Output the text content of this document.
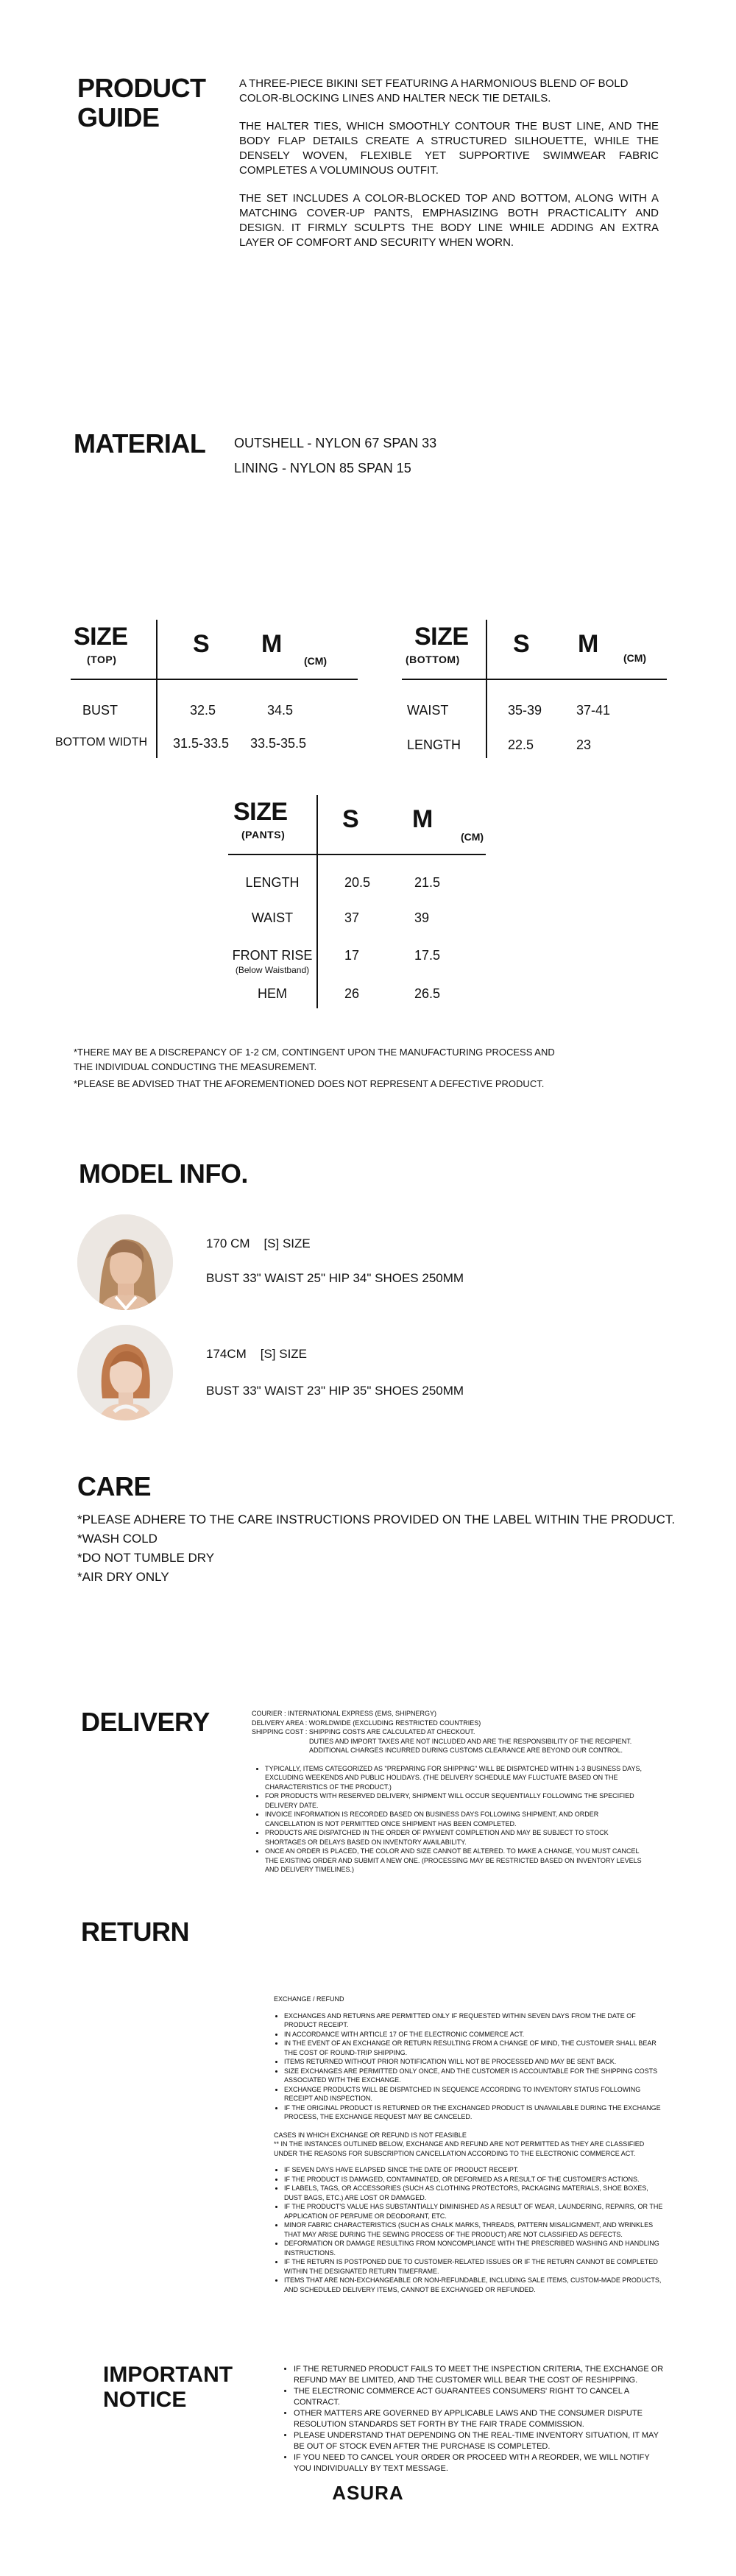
PRODUCT
GUIDE

A THREE-PIECE BIKINI SET FEATURING A HARMONIOUS BLEND OF BOLD COLOR-BLOCKING LINES AND HALTER NECK TIE DETAILS.

THE HALTER TIES, WHICH SMOOTHLY CONTOUR THE BUST LINE, AND THE BODY FLAP DETAILS CREATE A STRUCTURED SILHOUETTE, WHILE THE DENSELY WOVEN, FLEXIBLE YET SUPPORTIVE SWIMWEAR FABRIC COMPLETES A VOLUMINOUS OUTFIT.

THE SET INCLUDES A COLOR-BLOCKED TOP AND BOTTOM, ALONG WITH A MATCHING COVER-UP PANTS, EMPHASIZING BOTH PRACTICALITY AND DESIGN. IT FIRMLY SCULPTS THE BODY LINE WHILE ADDING AN EXTRA LAYER OF COMFORT AND SECURITY WHEN WORN.

MATERIAL OUTSHELL - NYLON 67 SPAN 33
LINING - NYLON 85 SPAN 15
SIZE
(TOP)
S M
(CM)
BUST	32.5	34.5
BOTTOM WIDTH 31.5-33.5 33.5-35.5
SIZE
(BOTTOM)
S M (CM)
WAIST	35-39	37-41
LENGTH	22.5	23
SIZE
(PANTS)
S M
(CM)
LENGTH	20.5	21.5
WAIST	37	39
FRONT RISE
(Below Waistband)
17	17.5
HEM	26	26.5
*THERE MAY BE A DISCREPANCY OF 1-2 CM, CONTINGENT UPON THE MANUFACTURING PROCESS AND
THE INDIVIDUAL CONDUCTING THE MEASUREMENT.
*PLEASE BE ADVISED THAT THE AFOREMENTIONED DOES NOT REPRESENT A DEFECTIVE PRODUCT.
MODEL INFO.
170 CM [S] SIZE
BUST 33" WAIST 25" HIP 34" SHOES 250MM
174CM [S] SIZE
BUST 33" WAIST 23" HIP 35" SHOES 250MM
CARE
*PLEASE ADHERE TO THE CARE INSTRUCTIONS PROVIDED ON THE LABEL WITHIN THE PRODUCT.
*WASH COLD
*DO NOT TUMBLE DRY
*AIR DRY ONLY
DELIVERY	COURIER : INTERNATIONAL EXPRESS (EMS, SHIPNERGY)
DELIVERY AREA : WORLDWIDE (EXCLUDING RESTRICTED COUNTRIES)
SHIPPING COST : SHIPPING COSTS ARE CALCULATED AT CHECKOUT.
DUTIES AND IMPORT TAXES ARE NOT INCLUDED AND ARE THE RESPONSIBILITY OF THE RECIPIENT.
ADDITIONAL CHARGES INCURRED DURING CUSTOMS CLEARANCE ARE BEYOND OUR CONTROL.
• TYPICALLY, ITEMS CATEGORIZED AS "PREPARING FOR SHIPPING" WILL BE DISPATCHED WITHIN 1-3 BUSINESS DAYS, EXCLUDING WEEKENDS AND PUBLIC HOLIDAYS. (THE DELIVERY SCHEDULE MAY FLUCTUATE BASED ON THE CHARACTERISTICS OF THE PRODUCT.)
• FOR PRODUCTS WITH RESERVED DELIVERY, SHIPMENT WILL OCCUR SEQUENTIALLY FOLLOWING THE SPECIFIED DELIVERY DATE.
• INVOICE INFORMATION IS RECORDED BASED ON BUSINESS DAYS FOLLOWING SHIPMENT, AND ORDER CANCELLATION IS NOT PERMITTED ONCE SHIPMENT HAS BEEN COMPLETED.
• PRODUCTS ARE DISPATCHED IN THE ORDER OF PAYMENT COMPLETION AND MAY BE SUBJECT TO STOCK SHORTAGES OR DELAYS BASED ON INVENTORY AVAILABILITY.
• ONCE AN ORDER IS PLACED, THE COLOR AND SIZE CANNOT BE ALTERED. TO MAKE A CHANGE, YOU MUST CANCEL THE EXISTING ORDER AND SUBMIT A NEW ONE. (PROCESSING MAY BE RESTRICTED BASED ON INVENTORY LEVELS AND DELIVERY TIMELINES.)
RETURN
EXCHANGE / REFUND
• EXCHANGES AND RETURNS ARE PERMITTED ONLY IF REQUESTED WITHIN SEVEN DAYS FROM THE DATE OF PRODUCT RECEIPT.
• IN ACCORDANCE WITH ARTICLE 17 OF THE ELECTRONIC COMMERCE ACT.
• IN THE EVENT OF AN EXCHANGE OR RETURN RESULTING FROM A CHANGE OF MIND, THE CUSTOMER SHALL BEAR THE COST OF ROUND-TRIP SHIPPING.
• ITEMS RETURNED WITHOUT PRIOR NOTIFICATION WILL NOT BE PROCESSED AND MAY BE SENT BACK.
• SIZE EXCHANGES ARE PERMITTED ONLY ONCE, AND THE CUSTOMER IS ACCOUNTABLE FOR THE SHIPPING COSTS ASSOCIATED WITH THE EXCHANGE.
• EXCHANGE PRODUCTS WILL BE DISPATCHED IN SEQUENCE ACCORDING TO INVENTORY STATUS FOLLOWING RECEIPT AND INSPECTION.
• IF THE ORIGINAL PRODUCT IS RETURNED OR THE EXCHANGED PRODUCT IS UNAVAILABLE DURING THE EXCHANGE PROCESS, THE EXCHANGE REQUEST MAY BE CANCELED.
CASES IN WHICH EXCHANGE OR REFUND IS NOT FEASIBLE
** IN THE INSTANCES OUTLINED BELOW, EXCHANGE AND REFUND ARE NOT PERMITTED AS THEY ARE CLASSIFIED UNDER THE REASONS FOR SUBSCRIPTION CANCELLATION ACCORDING TO THE ELECTRONIC COMMERCE ACT.
• IF SEVEN DAYS HAVE ELAPSED SINCE THE DATE OF PRODUCT RECEIPT.
• IF THE PRODUCT IS DAMAGED, CONTAMINATED, OR DEFORMED AS A RESULT OF THE CUSTOMER'S ACTIONS.
• IF LABELS, TAGS, OR ACCESSORIES (SUCH AS CLOTHING PROTECTORS, PACKAGING MATERIALS, SHOE BOXES, DUST BAGS, ETC.) ARE LOST OR DAMAGED.
• IF THE PRODUCT'S VALUE HAS SUBSTANTIALLY DIMINISHED AS A RESULT OF WEAR, LAUNDERING, REPAIRS, OR THE APPLICATION OF PERFUME OR DEODORANT, ETC.
• MINOR FABRIC CHARACTERISTICS (SUCH AS CHALK MARKS, THREADS, PATTERN MISALIGNMENT, AND WRINKLES THAT MAY ARISE DURING THE SEWING PROCESS OF THE PRODUCT) ARE NOT CLASSIFIED AS DEFECTS.
• DEFORMATION OR DAMAGE RESULTING FROM NONCOMPLIANCE WITH THE PRESCRIBED WASHING AND HANDLING INSTRUCTIONS.
• IF THE RETURN IS POSTPONED DUE TO CUSTOMER-RELATED ISSUES OR IF THE RETURN CANNOT BE COMPLETED WITHIN THE DESIGNATED RETURN TIMEFRAME.
• ITEMS THAT ARE NON-EXCHANGEABLE OR NON-REFUNDABLE, INCLUDING SALE ITEMS, CUSTOM-MADE PRODUCTS, AND SCHEDULED DELIVERY ITEMS, CANNOT BE EXCHANGED OR REFUNDED.
IMPORTANT
NOTICE
• IF THE RETURNED PRODUCT FAILS TO MEET THE INSPECTION CRITERIA, THE EXCHANGE OR REFUND MAY BE LIMITED, AND THE CUSTOMER WILL BEAR THE COST OF RESHIPPING.
• THE ELECTRONIC COMMERCE ACT GUARANTEES CONSUMERS' RIGHT TO CANCEL A CONTRACT.
• OTHER MATTERS ARE GOVERNED BY APPLICABLE LAWS AND THE CONSUMER DISPUTE RESOLUTION STANDARDS SET FORTH BY THE FAIR TRADE COMMISSION.
• PLEASE UNDERSTAND THAT DEPENDING ON THE REAL-TIME INVENTORY SITUATION, IT MAY BE OUT OF STOCK EVEN AFTER THE PURCHASE IS COMPLETED.
• IF YOU NEED TO CANCEL YOUR ORDER OR PROCEED WITH A REORDER, WE WILL NOTIFY YOU INDIVIDUALLY BY TEXT MESSAGE.
ASURA
